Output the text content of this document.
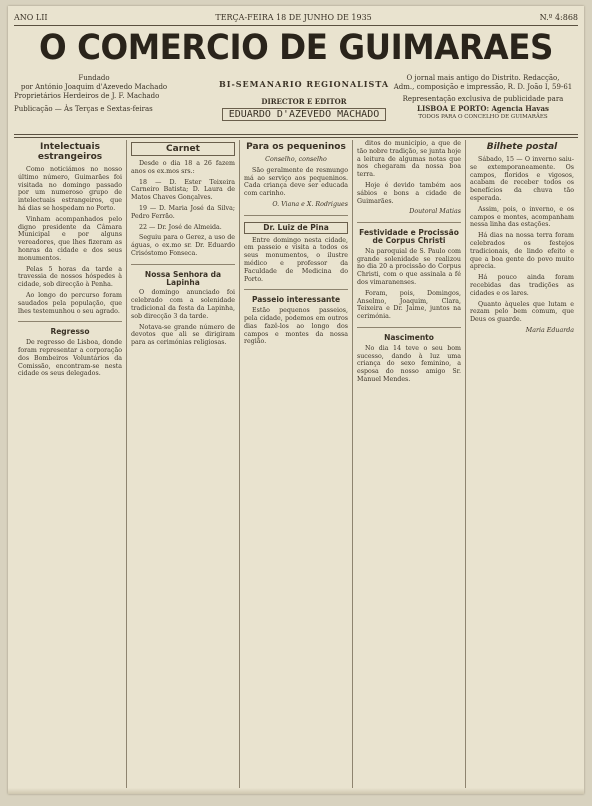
ANO LII	TERÇA-FEIRA 18 DE JUNHO DE 1935	N.º 4:868
O COMERCIO DE GUIMARAES
Fundado
por António Joaquim d'Azevedo Machado
Proprietários Herdeiros de J. F. Machado
Publicação — Às Terças e Sextas-feiras
BI-SEMANARIO REGIONALISTA
DIRECTOR E EDITOR
EDUARDO D'AZEVEDO MACHADO
O jornal mais antigo do Distrito. Redacção,
Adm., composição e impressão, R. D. João I, 59-61
Representação exclusiva de publicidade para
LISBOA E PORTO: Agencia Havas
TODOS PARA O CONCELHO DE GUIMARÃES
Intelectuais estrangeiros

Como noticiámos no nosso último número, Guimarães foi visitada no domingo passado por um numeroso grupo de intelectuais estrangeiros, que há dias se hospedam no Porto.

Vinham acompanhados pelo digno presidente da Câmara Municipal e por alguns vereadores, que lhes fizeram as honras da cidade e dos seus monumentos.

Pelas 5 horas da tarde a travessia de nossos hóspedes à cidade, sob direcção à Penha.

Ao longo do percurso foram saudados pela população, que lhes testemunhou o seu agrado.

Regresso

De regresso de Lisboa, donde foram representar a corporação dos Bombeiros Voluntários da Comissão, encontram-se nesta cidade os seus delegados.

Carnet

Desde o dia 18 a 26 fazem anos os ex.mos srs.:

18 — D. Ester Teixeira Carneiro Batista; D. Laura de Matos Chaves Gonçalves.

19 — D. Maria José da Silva; Pedro Ferrão.

22 — Dr. José de Almeida.

Seguiu para o Gerez, a uso de águas, o ex.mo sr. Dr. Eduardo Crisóstomo Fonseca.

Nossa Senhora da Lapinha

O domingo anunciado foi celebrado com a solenidade tradicional da festa da Lapinha, sob direcção 3 da tarde.

Notava-se grande número de devotos que ali se dirigiram para as cerimónias religiosas.

Para os pequeninos
Conselho, conselho

São geralmente de resmungo má ao serviço aos pequeninos. Cada criança deve ser educada com carinho.

O. Viana e X. Rodrigues
Dr. Luiz de Pina

Entre domingo nesta cidade, em passeio e visita a todos os seus monumentos, o ilustre médico e professor da Faculdade de Medicina do Porto.

Passeio interessante

Estão pequenos passeios, pela cidade, podemos em outros dias fazê-los ao longo dos campos e montes da nossa região.

ditos do município, a que de tão nobre tradição, se junta hoje a leitura de algumas notas que nos chegaram da nossa boa terra.

Hoje é devido também aos sábios e bons a cidade de Guimarães.

Doutoral Matias
Festividade e Procissão de Corpus Christi

Na paroquial de S. Paulo com grande solenidade se realizou no dia 20 a procissão do Corpus Christi, com o que assinala a fé dos vimaranenses.

Foram, pois, Domingos, Anselmo, Joaquim, Clara, Teixeira e Dr. Jaime, juntos na cerimónia.

Nascimento

No dia 14 teve o seu bom sucesso, dando à luz uma criança do sexo feminino, a esposa do nosso amigo Sr. Manuel Mendes.

Bilhete postal

Sábado, 15 — O inverno saiu-se extemporaneamente. Os campos, floridos e vigosos, acabam de receber todos os benefícios da chuva tão esperada.

Assim, pois, o inverno, e os campos e montes, acompanham nessa linha das estações.

Há dias na nossa terra foram celebrados os festejos tradicionais, de lindo efeito e que a boa gente do povo muito aprecia.

Há pouco ainda foram recebidas das tradições as cidades e os lares.

Quanto àqueles que lutam e rezam pelo bem comum, que Deus os guarde.

Maria Eduarda
